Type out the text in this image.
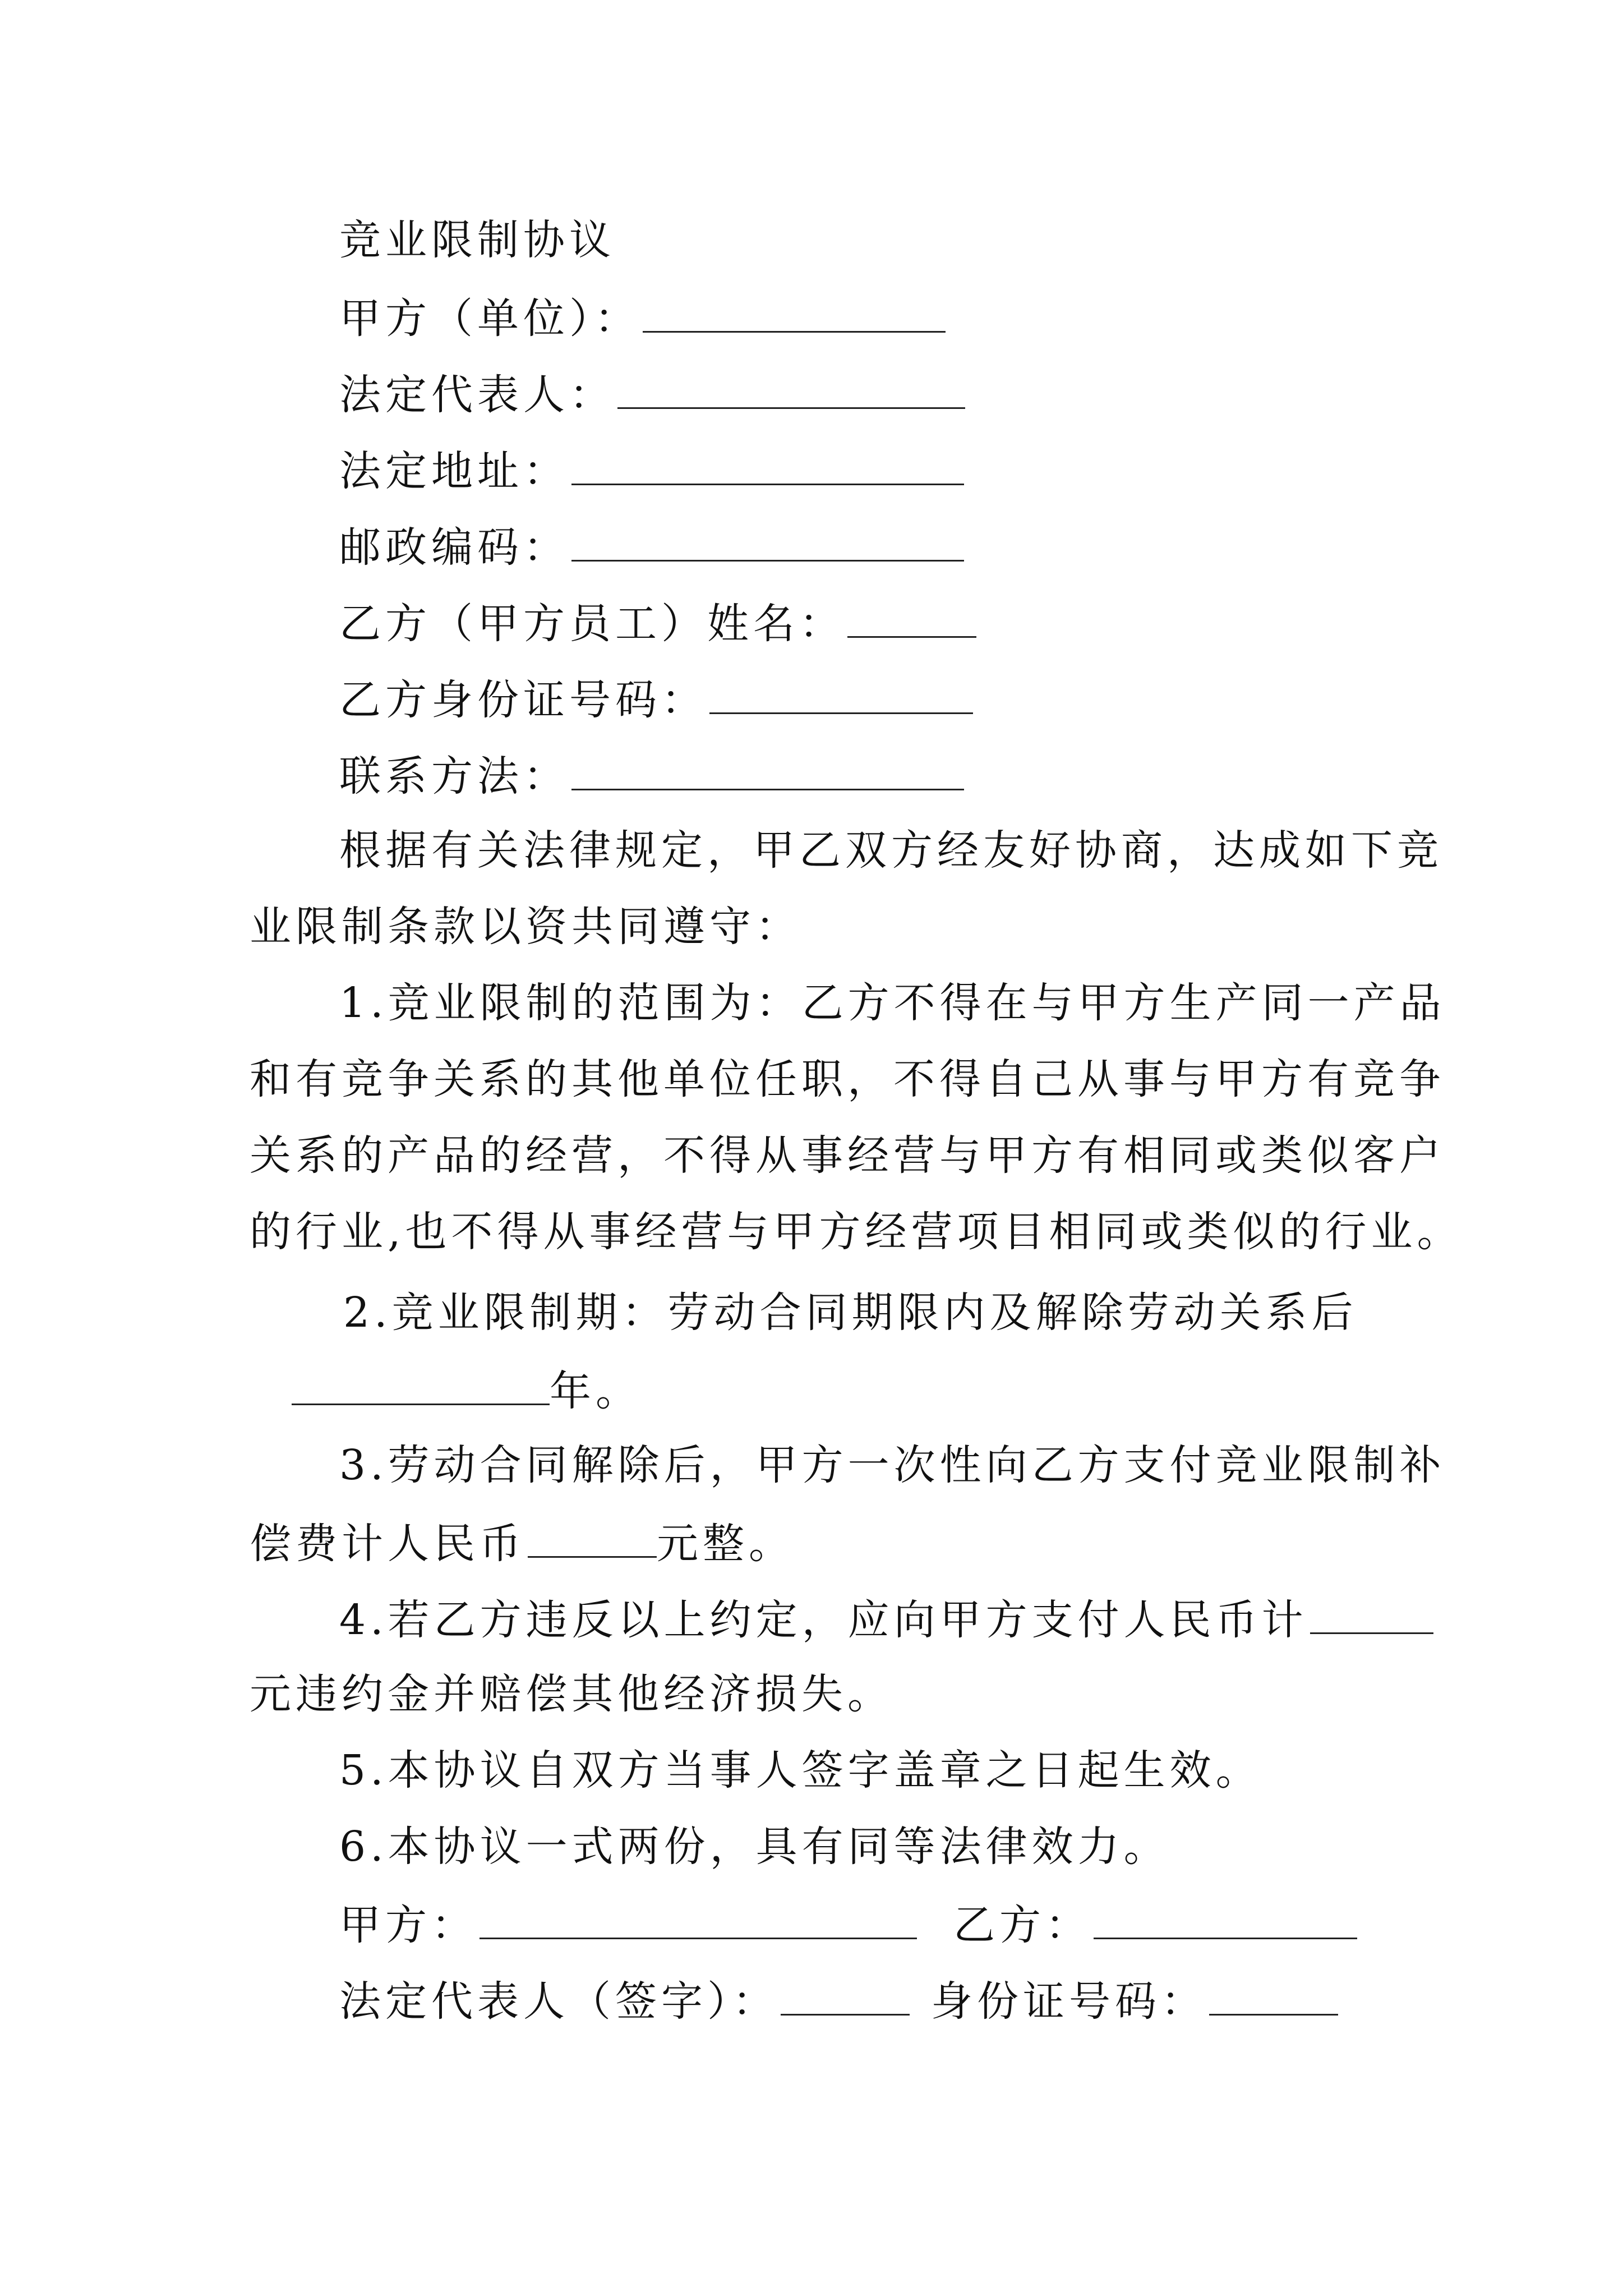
竞业限制协议
甲方（单位）：
法定代表人：
法定地址：
邮政编码：
乙方（甲方员工）姓名：
乙方身份证号码：
联系方法：
根据有关法律规定，甲乙双方经友好协商，达成如下竞
业限制条款以资共同遵守：
1.竞业限制的范围为：乙方不得在与甲方生产同一产品
和有竞争关系的其他单位任职，不得自己从事与甲方有竞争
关系的产品的经营，不得从事经营与甲方有相同或类似客户
的行业,也不得从事经营与甲方经营项目相同或类似的行业。
2.竞业限制期：劳动合同期限内及解除劳动关系后
年。
3.劳动合同解除后，甲方一次性向乙方支付竞业限制补
偿费计人民币	元整。
4.若乙方违反以上约定，应向甲方支付人民币计
元违约金并赔偿其他经济损失。
5.本协议自双方当事人签字盖章之日起生效。
6.本协议一式两份，具有同等法律效力。
甲方：	乙方：
法定代表人（签字）：	身份证号码：
